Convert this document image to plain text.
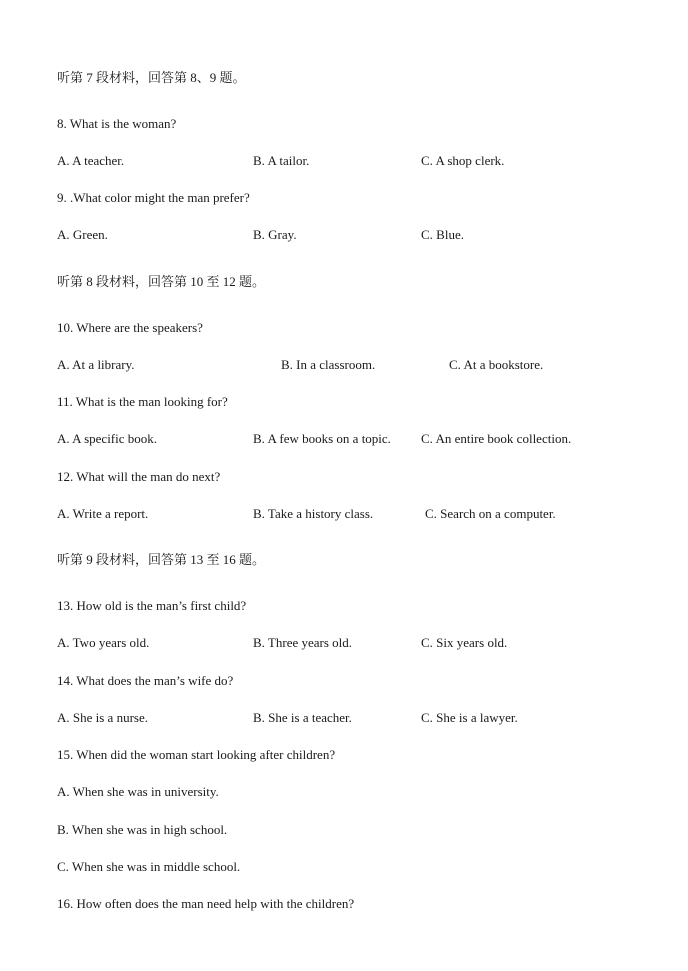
听第 7 段材料，回答第 8、9 题。
8. What is the woman?
A. A teacher.	B. A tailor.	C. A shop clerk.
9. .What color might the man prefer?
A. Green.	B. Gray.	C. Blue.
听第 8 段材料，回答第 10 至 12 题。
10. Where are the speakers?
A. At a library.	B. In a classroom.	C. At a bookstore.
11. What is the man looking for?
A. A specific book.	B. A few books on a topic. C. An entire book collection.
12. What will the man do next?
A. Write a report.	B. Take a history class.	C. Search on a computer.
听第 9 段材料，回答第 13 至 16 题。
13. How old is the man’s first child?
A. Two years old.	B. Three years old.	C. Six years old.
14. What does the man’s wife do?
A. She is a nurse.	B. She is a teacher.	C. She is a lawyer.
15. When did the woman start looking after children?
A. When she was in university.
B. When she was in high school.
C. When she was in middle school.
16. How often does the man need help with the children?
